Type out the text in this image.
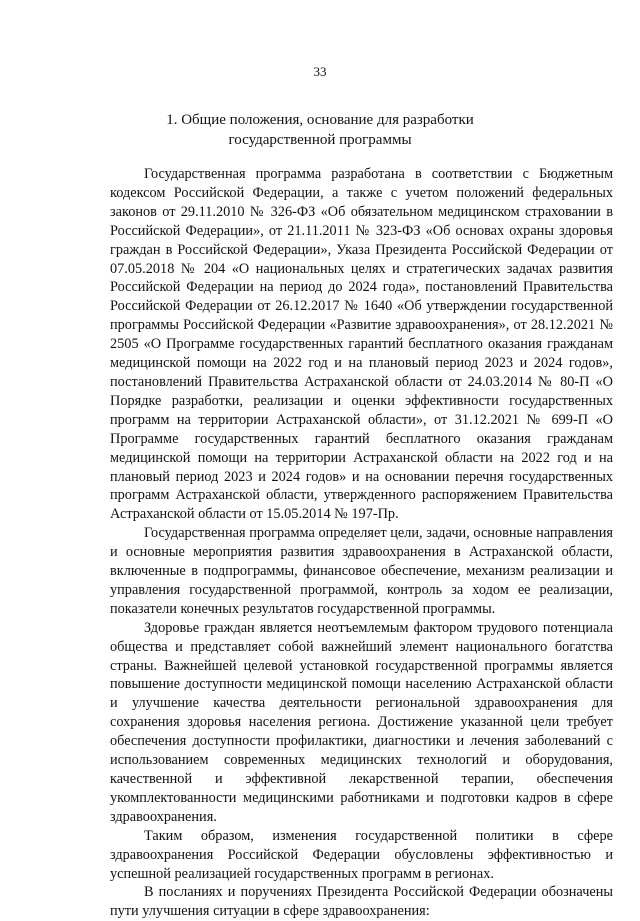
33
1. Общие положения, основание для разработки
государственной программы

Государственная программа разработана в соответствии с Бюджетным кодексом Российской Федерации, а также с учетом положений федеральных законов от 29.11.2010 № 326-ФЗ «Об обязательном медицинском страховании в Российской Федерации», от 21.11.2011 № 323-ФЗ «Об основах охраны здоровья граждан в Российской Федерации», Указа Президента Российской Федерации от 07.05.2018 № 204 «О национальных целях и стратегических задачах развития Российской Федерации на период до 2024 года», постановлений Правительства Российской Федерации от 26.12.2017 № 1640 «Об утверждении государственной программы Российской Федерации «Развитие здравоохранения», от 28.12.2021 № 2505 «О Программе государственных гарантий бесплатного оказания гражданам медицинской помощи на 2022 год и на плановый период 2023 и 2024 годов», постановлений Правительства Астраханской области от 24.03.2014 № 80-П «О Порядке разработки, реализации и оценки эффективности государственных программ на территории Астраханской области», от 31.12.2021 № 699-П «О Программе государственных гарантий бесплатного оказания гражданам медицинской помощи на территории Астраханской области на 2022 год и на плановый период 2023 и 2024 годов» и на основании перечня государственных программ Астраханской области, утвержденного распоряжением Правительства Астраханской области от 15.05.2014 № 197-Пр.

Государственная программа определяет цели, задачи, основные направления и основные мероприятия развития здравоохранения в Астраханской области, включенные в подпрограммы, финансовое обеспечение, механизм реализации и управления государственной программой, контроль за ходом ее реализации, показатели конечных результатов государственной программы.

Здоровье граждан является неотъемлемым фактором трудового потенциала общества и представляет собой важнейший элемент национального богатства страны. Важнейшей целевой установкой государственной программы является повышение доступности медицинской помощи населению Астраханской области и улучшение качества деятельности региональной здравоохранения для сохранения здоровья населения региона. Достижение указанной цели требует обеспечения доступности профилактики, диагностики и лечения заболеваний с использованием современных медицинских технологий и оборудования, качественной и эффективной лекарственной терапии, обеспечения укомплектованности медицинскими работниками и подготовки кадров в сфере здравоохранения.

Таким образом, изменения государственной политики в сфере здравоохранения Российской Федерации обусловлены эффективностью и успешной реализацией государственных программ в регионах.

В посланиях и поручениях Президента Российской Федерации обозначены пути улучшения ситуации в сфере здравоохранения:
